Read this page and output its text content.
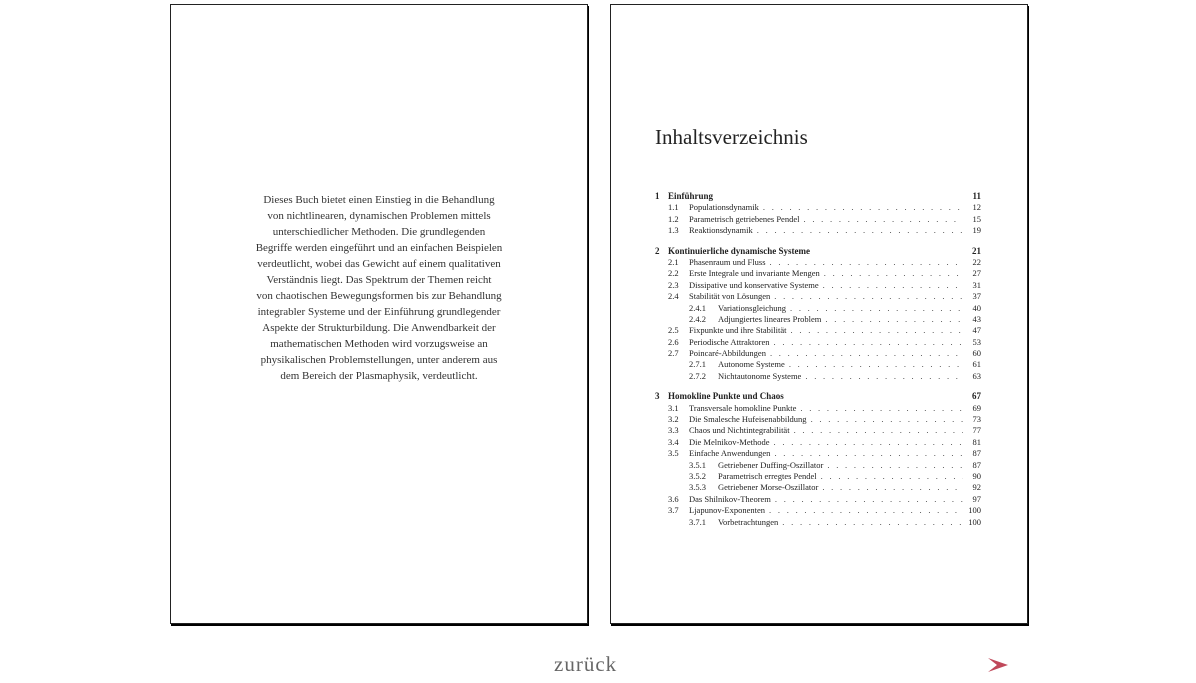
Dieses Buch bietet einen Einstieg in die Behandlung
von nichtlinearen, dynamischen Problemen mittels
unterschiedlicher Methoden. Die grundlegenden
Begriffe werden eingeführt und an einfachen Beispielen
verdeutlicht, wobei das Gewicht auf einem qualitativen
Verständnis liegt. Das Spektrum der Themen reicht
von chaotischen Bewegungsformen bis zur Behandlung
integrabler Systeme und der Einführung grundlegender
Aspekte der Strukturbildung. Die Anwendbarkeit der
mathematischen Methoden wird vorzugsweise an
physikalischen Problemstellungen, unter anderem aus
dem Bereich der Plasmaphysik, verdeutlicht.
Inhaltsverzeichnis
1 Einführung	11
1.1	Populationsdynamik . . .	12
1.2	Parametrisch getriebenes Pendel . . .	15
1.3	Reaktionsdynamik . . .	19
2 Kontinuierliche dynamische Systeme	21
2.1	Phasenraum und Fluss . . .	22
2.2	Erste Integrale und invariante Mengen . . .	27
2.3	Dissipative und konservative Systeme . . .	31
2.4	Stabilität von Lösungen . . .	37
2.4.1	Variationsgleichung . . .	40
2.4.2	Adjungiertes lineares Problem . . .	43
2.5	Fixpunkte und ihre Stabilität . . .	47
2.6	Periodische Attraktoren . . .	53
2.7	Poincaré-Abbildungen . . .	60
2.7.1	Autonome Systeme . . .	61
2.7.2	Nichtautonome Systeme . . .	63
3 Homokline Punkte und Chaos	67
3.1	Transversale homokline Punkte . . .	69
3.2	Die Smalesche Hufeisenabbildung . . .	73
3.3	Chaos und Nichtintegrabilität . . .	77
3.4	Die Melnikov-Methode . . .	81
3.5	Einfache Anwendungen . . .	87
3.5.1	Getriebener Duffing-Oszillator . . .	87
3.5.2	Parametrisch erregtes Pendel . . .	90
3.5.3	Getriebener Morse-Oszillator . . .	92
3.6	Das Shilnikov-Theorem . . .	97
3.7	Ljapunov-Exponenten . . .	100
3.7.1	Vorbetrachtungen . . .	100
zurück
